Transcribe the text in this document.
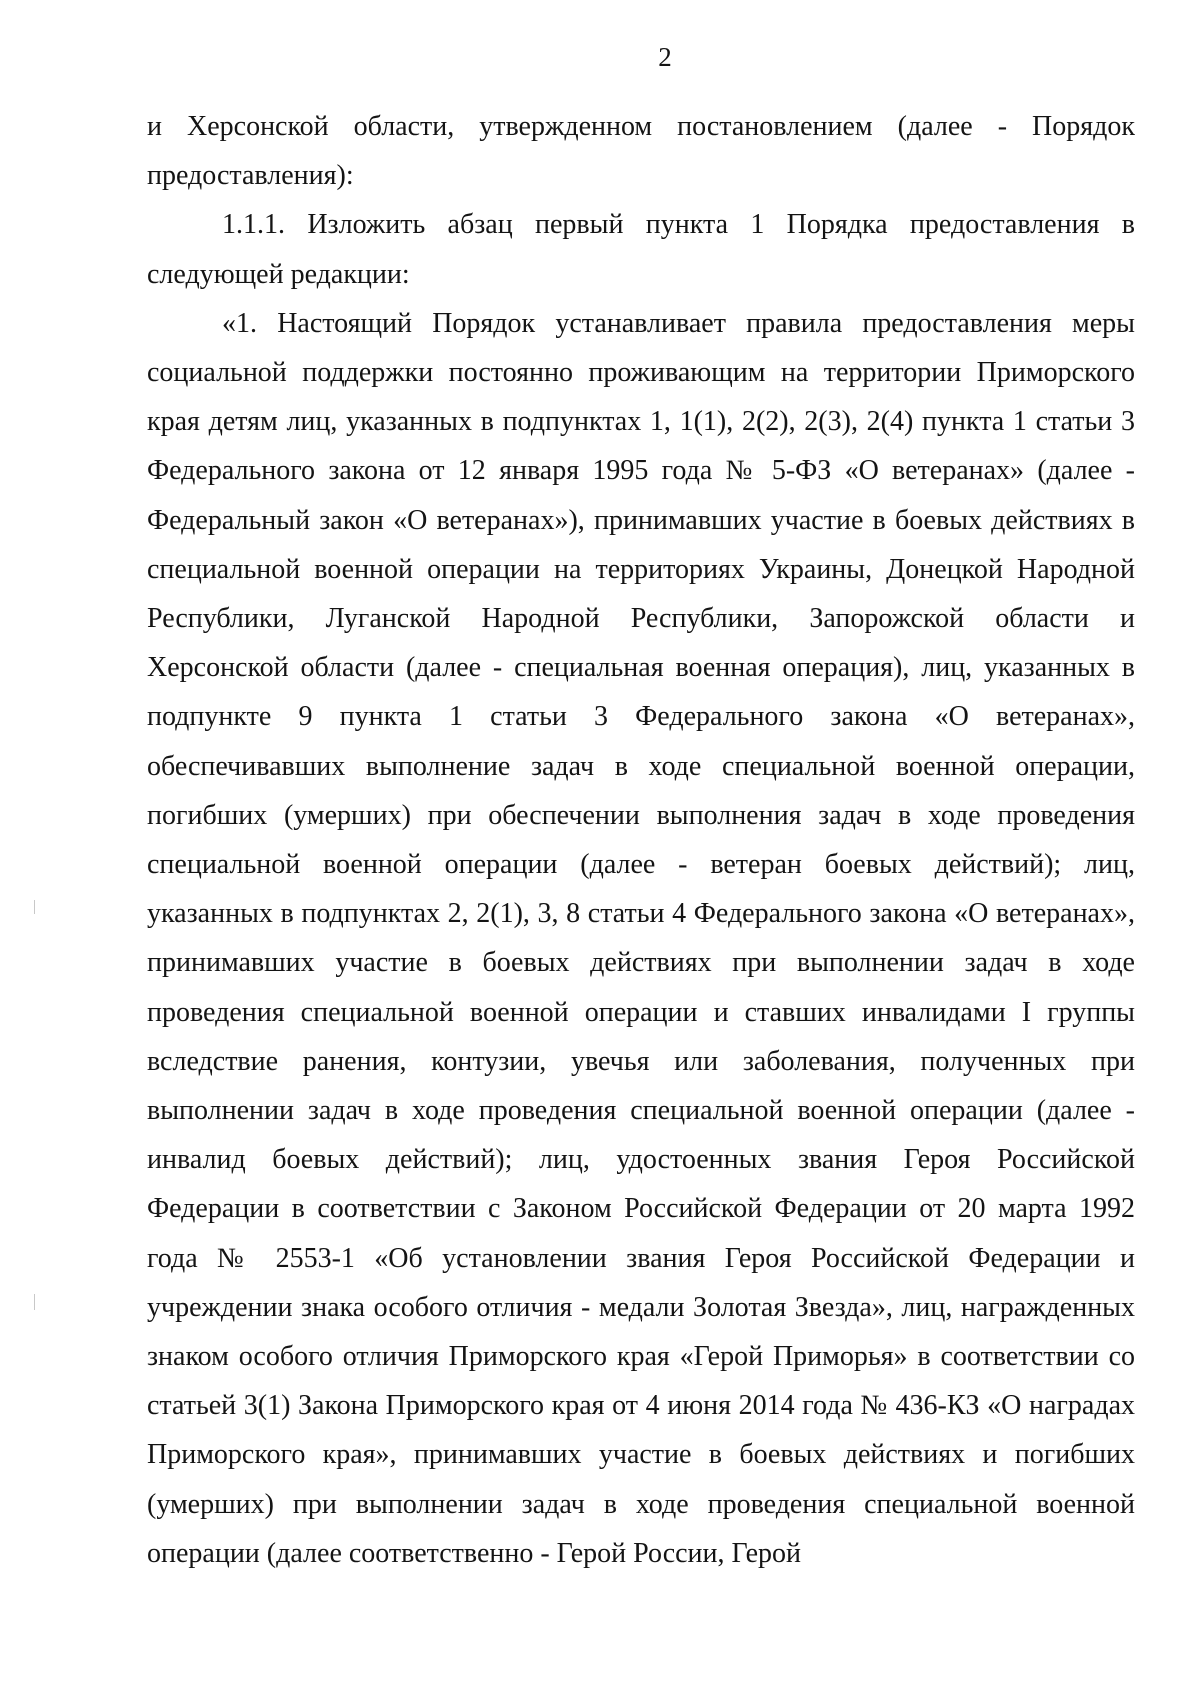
2

и Херсонской области, утвержденном постановлением (далее - Порядок предоставления):

1.1.1. Изложить абзац первый пункта 1 Порядка предоставления в следующей редакции:

«1. Настоящий Порядок устанавливает правила предоставления меры социальной поддержки постоянно проживающим на территории Приморского края детям лиц, указанных в подпунктах 1, 1(1), 2(2), 2(3), 2(4) пункта 1 статьи 3 Федерального закона от 12 января 1995 года № 5-ФЗ «О ветеранах» (далее - Федеральный закон «О ветеранах»), принимавших участие в боевых действиях в специальной военной операции на территориях Украины, Донецкой Народной Республики, Луганской Народной Республики, Запорожской области и Херсонской области (далее - специальная военная операция), лиц, указанных в подпункте 9 пункта 1 статьи 3 Федерального закона «О ветеранах», обеспечивавших выполнение задач в ходе специальной военной операции, погибших (умерших) при обеспечении выполнения задач в ходе проведения специальной военной операции (далее - ветеран боевых действий); лиц, указанных в подпунктах 2, 2(1), 3, 8 статьи 4 Федерального закона «О ветеранах», принимавших участие в боевых действиях при выполнении задач в ходе проведения специальной военной операции и ставших инвалидами I группы вследствие ранения, контузии, увечья или заболевания, полученных при выполнении задач в ходе проведения специальной военной операции (далее - инвалид боевых действий); лиц, удостоенных звания Героя Российской Федерации в соответствии с Законом Российской Федерации от 20 марта 1992 года № 2553-1 «Об установлении звания Героя Российской Федерации и учреждении знака особого отличия - медали Золотая Звезда», лиц, награжденных знаком особого отличия Приморского края «Герой Приморья» в соответствии со статьей 3(1) Закона Приморского края от 4 июня 2014 года № 436-КЗ «О наградах Приморского края», принимавших участие в боевых действиях и погибших (умерших) при выполнении задач в ходе проведения специальной военной операции (далее соответственно - Герой России, Герой
